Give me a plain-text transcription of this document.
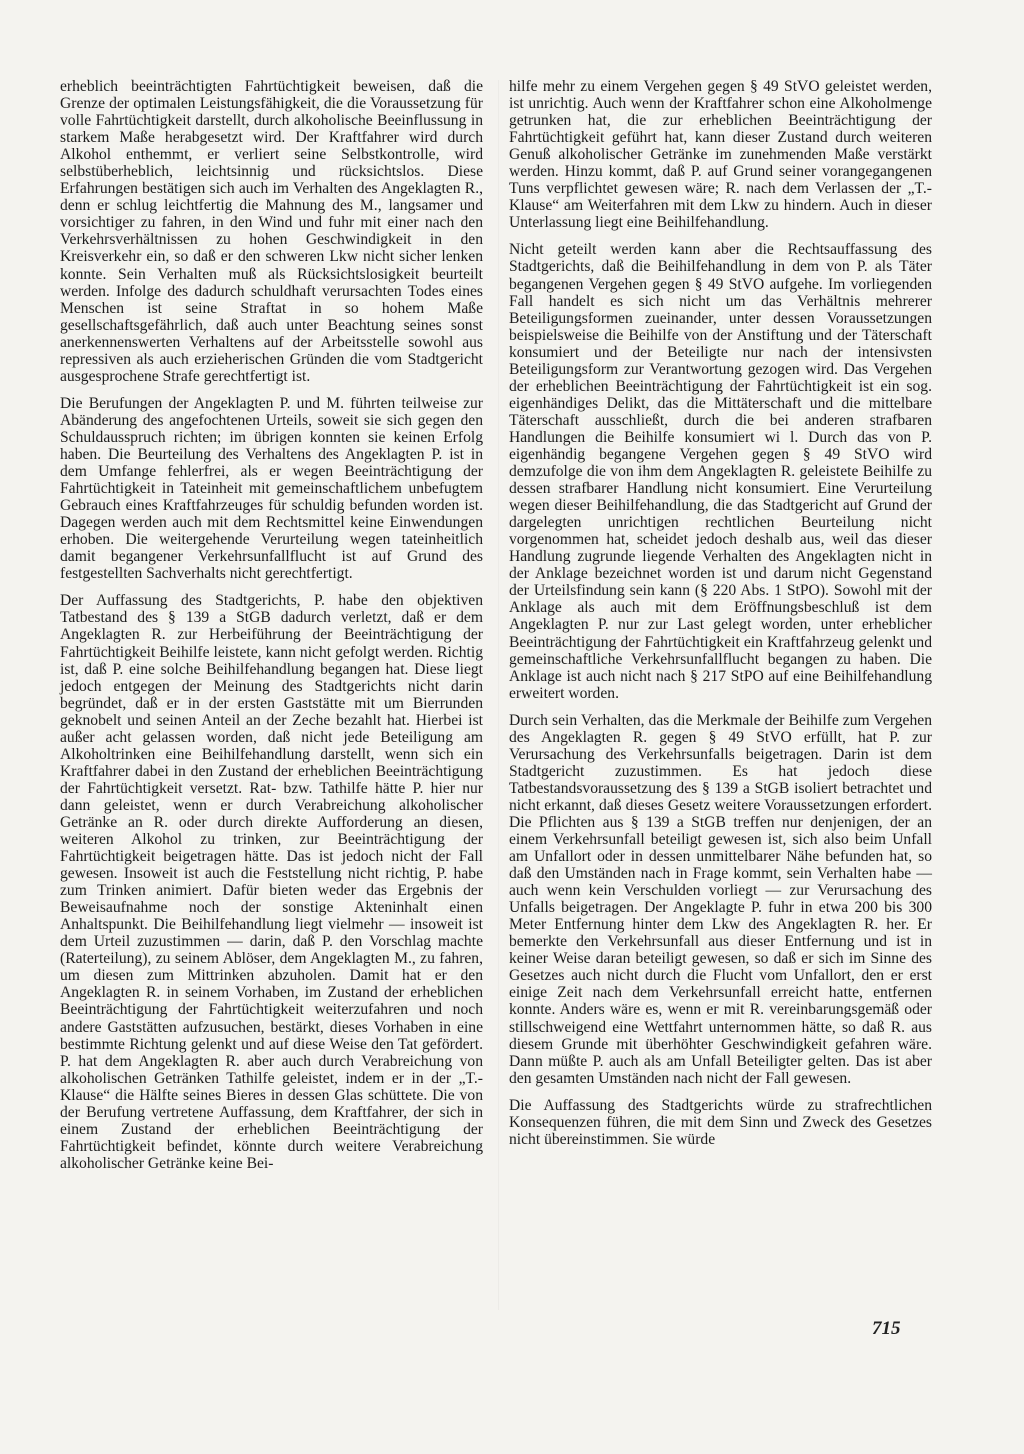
erheblich beeinträchtigten Fahrtüchtigkeit beweisen, daß die Grenze der optimalen Leistungsfähigkeit, die die Voraussetzung für volle Fahrtüchtigkeit darstellt, durch alkoholische Beeinflussung in starkem Maße herabgesetzt wird. Der Kraftfahrer wird durch Alkohol enthemmt, er verliert seine Selbstkontrolle, wird selbstüberheblich, leichtsinnig und rücksichtslos. Diese Erfahrungen bestätigen sich auch im Verhalten des Angeklagten R., denn er schlug leichtfertig die Mahnung des M., langsamer und vorsichtiger zu fahren, in den Wind und fuhr mit einer nach den Verkehrsverhältnissen zu hohen Geschwindigkeit in den Kreisverkehr ein, so daß er den schweren Lkw nicht sicher lenken konnte. Sein Verhalten muß als Rücksichtslosigkeit beurteilt werden. Infolge des dadurch schuldhaft verursachten Todes eines Menschen ist seine Straftat in so hohem Maße gesellschaftsgefährlich, daß auch unter Beachtung seines sonst anerkennenswerten Verhaltens auf der Arbeitsstelle sowohl aus repressiven als auch erzieherischen Gründen die vom Stadtgericht ausgesprochene Strafe gerechtfertigt ist.

Die Berufungen der Angeklagten P. und M. führten teilweise zur Abänderung des angefochtenen Urteils, soweit sie sich gegen den Schuldausspruch richten; im übrigen konnten sie keinen Erfolg haben. Die Beurteilung des Verhaltens des Angeklagten P. ist in dem Umfange fehlerfrei, als er wegen Beeinträchtigung der Fahrtüchtigkeit in Tateinheit mit gemeinschaftlichem unbefugtem Gebrauch eines Kraftfahrzeuges für schuldig befunden worden ist. Dagegen werden auch mit dem Rechtsmittel keine Einwendungen erhoben. Die weitergehende Verurteilung wegen tateinheitlich damit begangener Verkehrsunfallflucht ist auf Grund des festgestellten Sachverhalts nicht gerechtfertigt.

Der Auffassung des Stadtgerichts, P. habe den objektiven Tatbestand des § 139 a StGB dadurch verletzt, daß er dem Angeklagten R. zur Herbeiführung der Beeinträchtigung der Fahrtüchtigkeit Beihilfe leistete, kann nicht gefolgt werden. Richtig ist, daß P. eine solche Beihilfehandlung begangen hat. Diese liegt jedoch entgegen der Meinung des Stadtgerichts nicht darin begründet, daß er in der ersten Gaststätte mit um Bierrunden geknobelt und seinen Anteil an der Zeche bezahlt hat. Hierbei ist außer acht gelassen worden, daß nicht jede Beteiligung am Alkoholtrinken eine Beihilfehandlung darstellt, wenn sich ein Kraftfahrer dabei in den Zustand der erheblichen Beeinträchtigung der Fahrtüchtigkeit versetzt. Rat- bzw. Tathilfe hätte P. hier nur dann geleistet, wenn er durch Verabreichung alkoholischer Getränke an R. oder durch direkte Aufforderung an diesen, weiteren Alkohol zu trinken, zur Beeinträchtigung der Fahrtüchtigkeit beigetragen hätte. Das ist jedoch nicht der Fall gewesen. Insoweit ist auch die Feststellung nicht richtig, P. habe zum Trinken animiert. Dafür bieten weder das Ergebnis der Beweisaufnahme noch der sonstige Akteninhalt einen Anhaltspunkt. Die Beihilfehandlung liegt vielmehr — insoweit ist dem Urteil zuzustimmen — darin, daß P. den Vorschlag machte (Raterteilung), zu seinem Ablöser, dem Angeklagten M., zu fahren, um diesen zum Mittrinken abzuholen. Damit hat er den Angeklagten R. in seinem Vorhaben, im Zustand der erheblichen Beeinträchtigung der Fahrtüchtigkeit weiterzufahren und noch andere Gaststätten aufzusuchen, bestärkt, dieses Vorhaben in eine bestimmte Richtung gelenkt und auf diese Weise den Tat gefördert. P. hat dem Angeklagten R. aber auch durch Verabreichung von alkoholischen Getränken Tathilfe geleistet, indem er in der „T.-Klause“ die Hälfte seines Bieres in dessen Glas schüttete. Die von der Berufung vertretene Auffassung, dem Kraftfahrer, der sich in einem Zustand der erheblichen Beeinträchtigung der Fahrtüchtigkeit befindet, könnte durch weitere Verabreichung alkoholischer Getränke keine Bei-

hilfe mehr zu einem Vergehen gegen § 49 StVO geleistet werden, ist unrichtig. Auch wenn der Kraftfahrer schon eine Alkoholmenge getrunken hat, die zur erheblichen Beeinträchtigung der Fahrtüchtigkeit geführt hat, kann dieser Zustand durch weiteren Genuß alkoholischer Getränke im zunehmenden Maße verstärkt werden. Hinzu kommt, daß P. auf Grund seiner vorangegangenen Tuns verpflichtet gewesen wäre; R. nach dem Verlassen der „T.-Klause“ am Weiterfahren mit dem Lkw zu hindern. Auch in dieser Unterlassung liegt eine Beihilfehandlung.

Nicht geteilt werden kann aber die Rechtsauffassung des Stadtgerichts, daß die Beihilfehandlung in dem von P. als Täter begangenen Vergehen gegen § 49 StVO aufgehe. Im vorliegenden Fall handelt es sich nicht um das Verhältnis mehrerer Beteiligungsformen zueinander, unter dessen Voraussetzungen beispielsweise die Beihilfe von der Anstiftung und der Täterschaft konsumiert und der Beteiligte nur nach der intensivsten Beteiligungsform zur Verantwortung gezogen wird. Das Vergehen der erheblichen Beeinträchtigung der Fahrtüchtigkeit ist ein sog. eigenhändiges Delikt, das die Mittäterschaft und die mittelbare Täterschaft ausschließt, durch die bei anderen strafbaren Handlungen die Beihilfe konsumiert wi l. Durch das von P. eigenhändig begangene Vergehen gegen § 49 StVO wird demzufolge die von ihm dem Angeklagten R. geleistete Beihilfe zu dessen strafbarer Handlung nicht konsumiert. Eine Verurteilung wegen dieser Beihilfehandlung, die das Stadtgericht auf Grund der dargelegten unrichtigen rechtlichen Beurteilung nicht vorgenommen hat, scheidet jedoch deshalb aus, weil das dieser Handlung zugrunde liegende Verhalten des Angeklagten nicht in der Anklage bezeichnet worden ist und darum nicht Gegenstand der Urteilsfindung sein kann (§ 220 Abs. 1 StPO). Sowohl mit der Anklage als auch mit dem Eröffnungsbeschluß ist dem Angeklagten P. nur zur Last gelegt worden, unter erheblicher Beeinträchtigung der Fahrtüchtigkeit ein Kraftfahrzeug gelenkt und gemeinschaftliche Verkehrsunfallflucht begangen zu haben. Die Anklage ist auch nicht nach § 217 StPO auf eine Beihilfehandlung erweitert worden.

Durch sein Verhalten, das die Merkmale der Beihilfe zum Vergehen des Angeklagten R. gegen § 49 StVO erfüllt, hat P. zur Verursachung des Verkehrsunfalls beigetragen. Darin ist dem Stadtgericht zuzustimmen. Es hat jedoch diese Tatbestandsvoraussetzung des § 139 a StGB isoliert betrachtet und nicht erkannt, daß dieses Gesetz weitere Voraussetzungen erfordert. Die Pflichten aus § 139 a StGB treffen nur denjenigen, der an einem Verkehrsunfall beteiligt gewesen ist, sich also beim Unfall am Unfallort oder in dessen unmittelbarer Nähe befunden hat, so daß den Umständen nach in Frage kommt, sein Verhalten habe — auch wenn kein Verschulden vorliegt — zur Verursachung des Unfalls beigetragen. Der Angeklagte P. fuhr in etwa 200 bis 300 Meter Entfernung hinter dem Lkw des Angeklagten R. her. Er bemerkte den Verkehrsunfall aus dieser Entfernung und ist in keiner Weise daran beteiligt gewesen, so daß er sich im Sinne des Gesetzes auch nicht durch die Flucht vom Unfallort, den er erst einige Zeit nach dem Verkehrsunfall erreicht hatte, entfernen konnte. Anders wäre es, wenn er mit R. vereinbarungsgemäß oder stillschweigend eine Wettfahrt unternommen hätte, so daß R. aus diesem Grunde mit überhöhter Geschwindigkeit gefahren wäre. Dann müßte P. auch als am Unfall Beteiligter gelten. Das ist aber den gesamten Umständen nach nicht der Fall gewesen.

Die Auffassung des Stadtgerichts würde zu strafrechtlichen Konsequenzen führen, die mit dem Sinn und Zweck des Gesetzes nicht übereinstimmen. Sie würde

715
